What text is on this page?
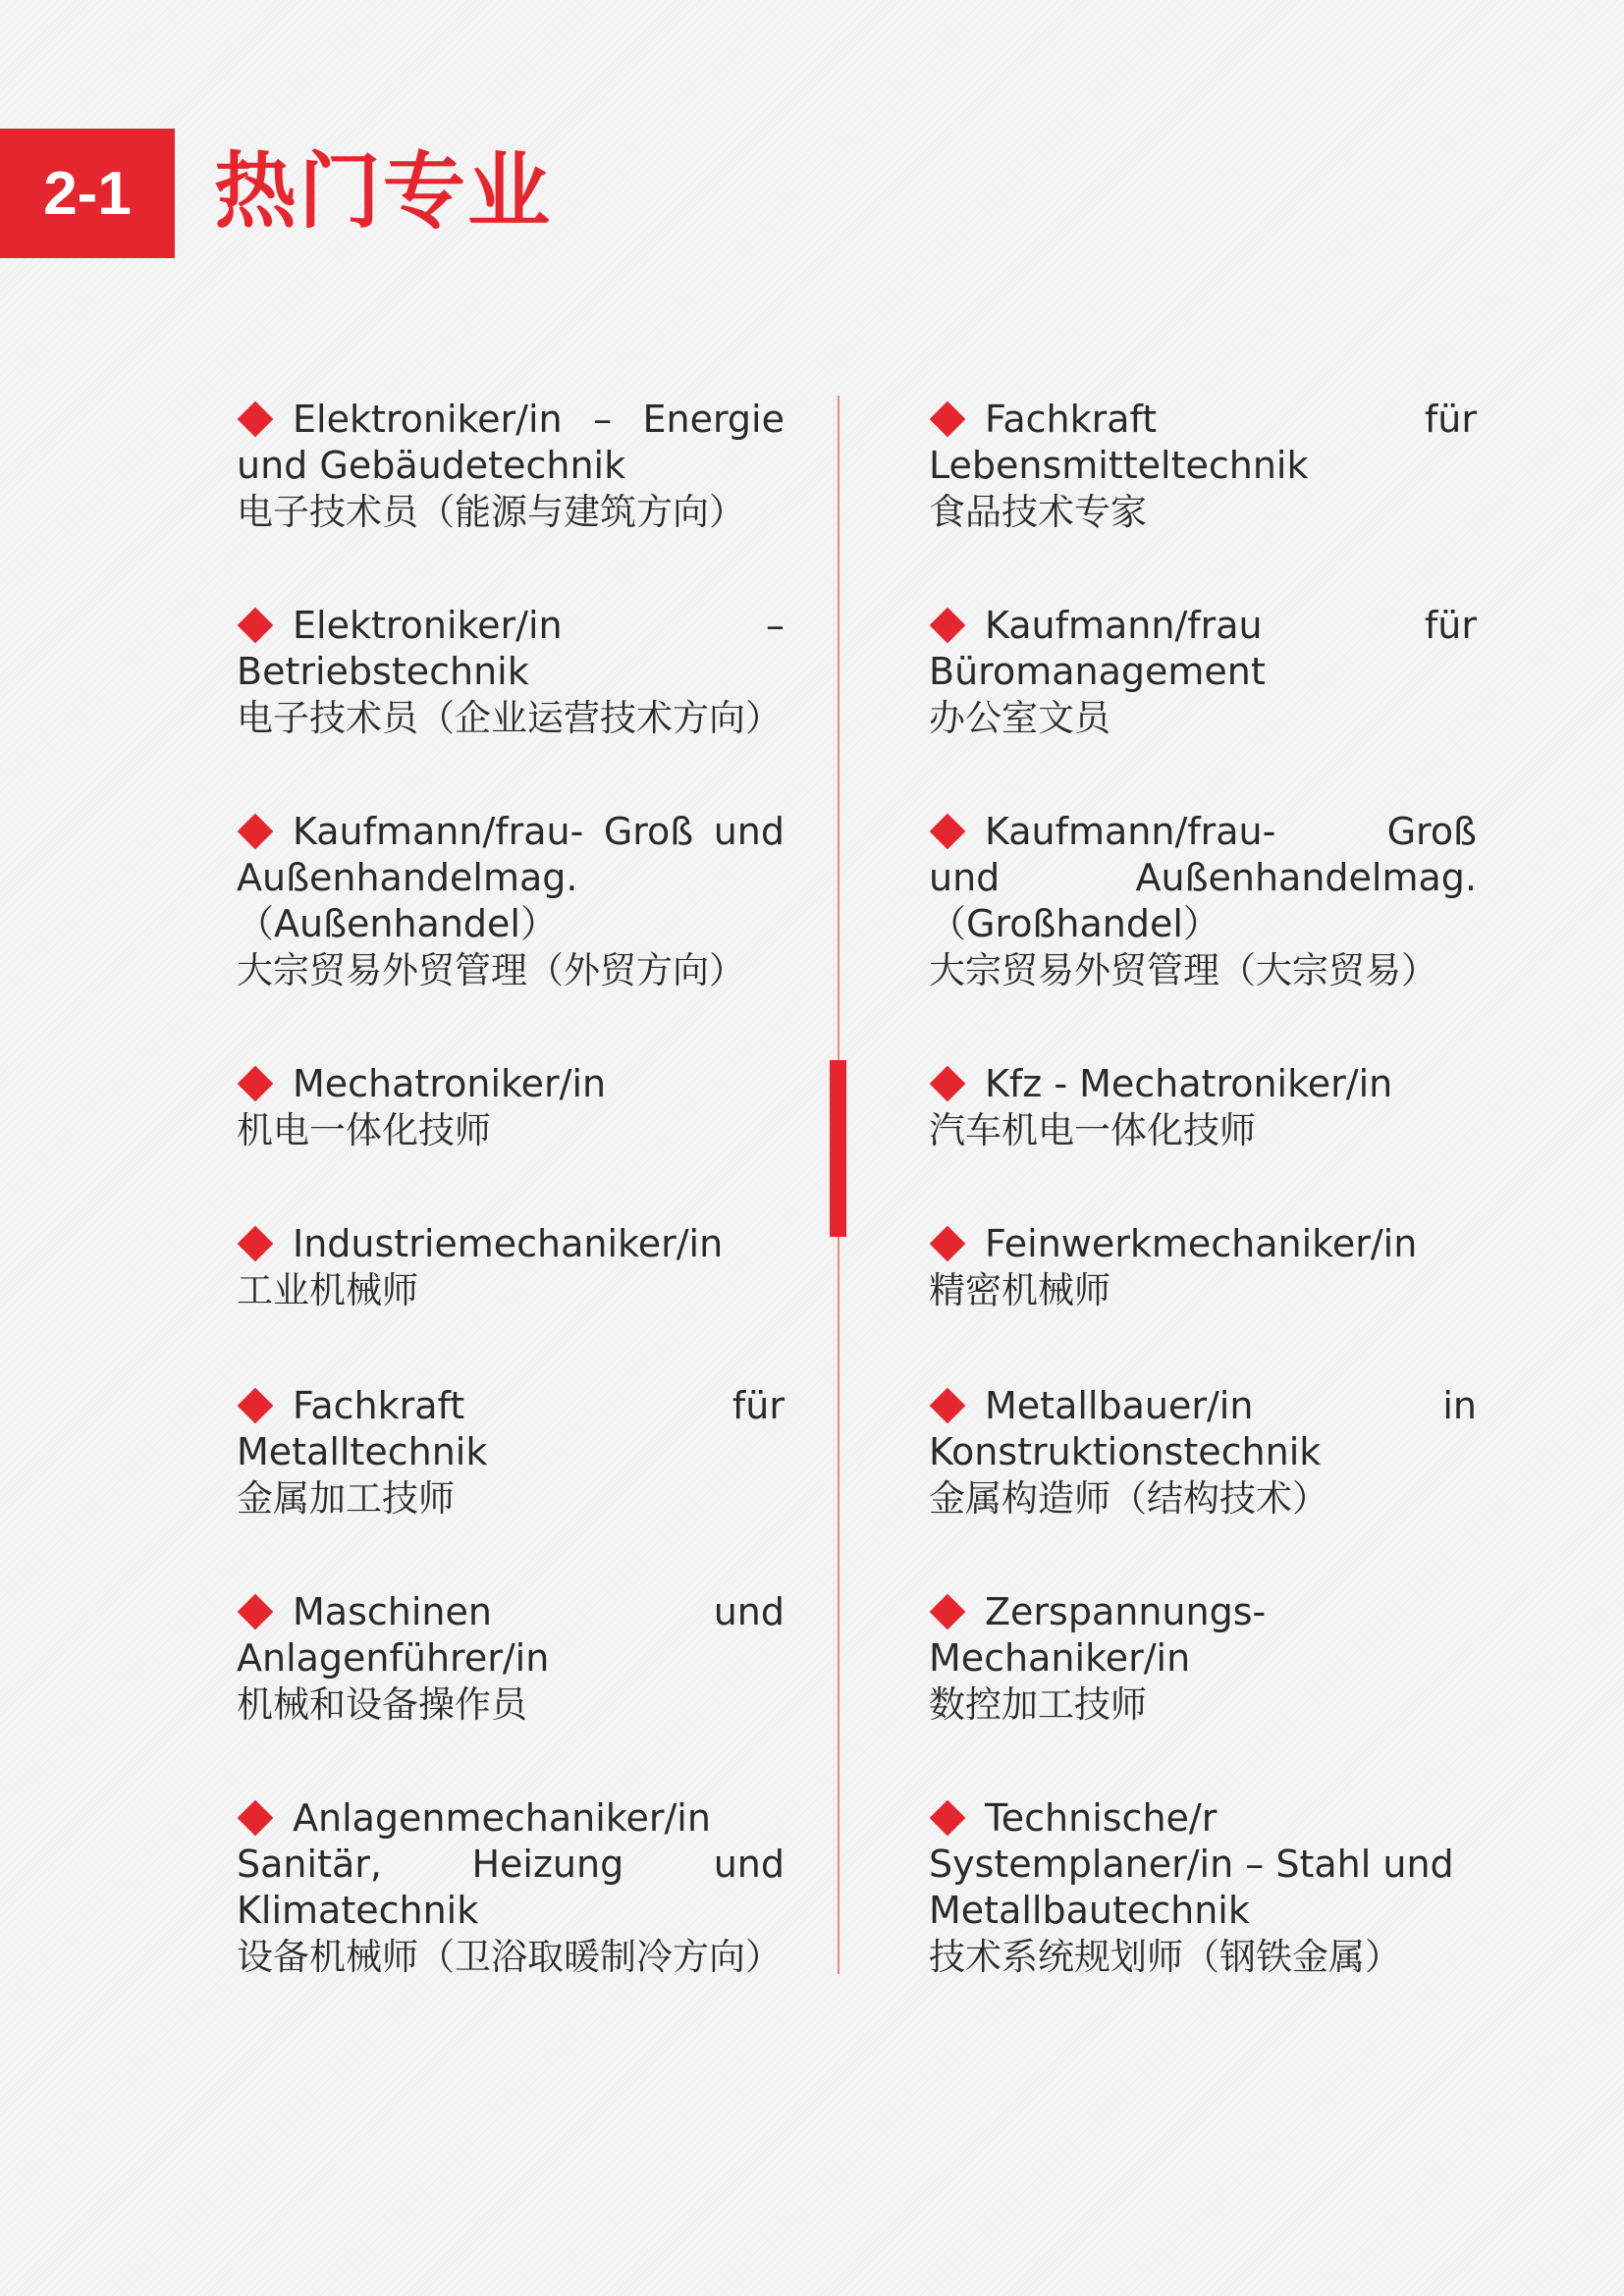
2-1 热门专业
Elektroniker/in – Energie
und Gebäudetechnik
电子技术员（能源与建筑方向）
Elektroniker/in	–
Betriebstechnik
电子技术员（企业运营技术方向）
Kaufmann/frau- Groß und
Außenhandelmag.
（Außenhandel）
大宗贸易外贸管理（外贸方向）
Mechatroniker/in
机电一体化技师
Industriemechaniker/in
工业机械师
Fachkraft	für
Metalltechnik
金属加工技师
Maschinen	und
Anlagenführer/in
机械和设备操作员
Anlagenmechaniker/in
Sanitär, Heizung und
Klimatechnik
设备机械师（卫浴取暖制冷方向）
Fachkraft	für
Lebensmitteltechnik
食品技术专家
Kaufmann/frau	für
Büromanagement
办公室文员
Kaufmann/frau-	Groß
und	Außenhandelmag.
（Großhandel）
大宗贸易外贸管理（大宗贸易）
Kfz - Mechatroniker/in
汽车机电一体化技师
Feinwerkmechaniker/in
精密机械师
Metallbauer/in	in
Konstruktionstechnik
金属构造师（结构技术）
Zerspannungs-
Mechaniker/in
数控加工技师
Technische/r
Systemplaner/in – Stahl und
Metallbautechnik
技术系统规划师（钢铁金属）
